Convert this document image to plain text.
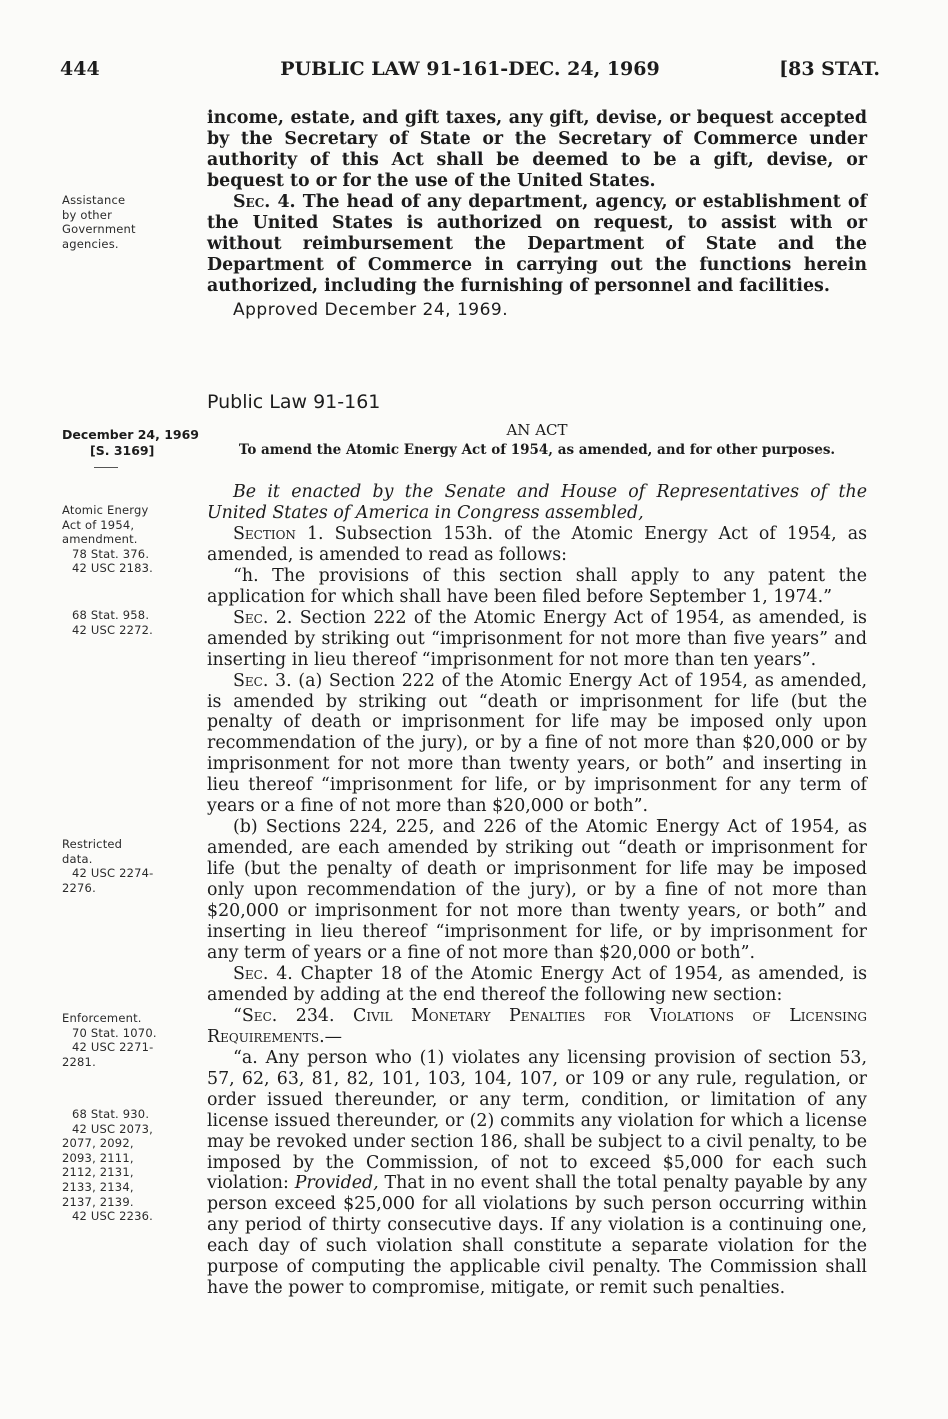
444	PUBLIC LAW 91-161-DEC. 24, 1969	[83 STAT.
Assistance
by other
Government
agencies.
December 24, 1969
[S. 3169]
Atomic Energy
Act of 1954,
amendment.
78 Stat. 376.
42 USC 2183.
68 Stat. 958.
42 USC 2272.
Restricted
data.
42 USC 2274-
2276.
Enforcement.
70 Stat. 1070.
42 USC 2271-
2281.
68 Stat. 930.
42 USC 2073,
2077, 2092,
2093, 2111,
2112, 2131,
2133, 2134,
2137, 2139.
42 USC 2236.

income, estate, and gift taxes, any gift, devise, or bequest accepted by the Secretary of State or the Secretary of Commerce under authority of this Act shall be deemed to be a gift, devise, or bequest to or for the use of the United States.

Sec. 4. The head of any department, agency, or establishment of the United States is authorized on request, to assist with or without reimbursement the Department of State and the Department of Commerce in carrying out the functions herein authorized, including the furnishing of personnel and facilities.

Approved December 24, 1969.
Public Law 91-161
AN ACT
To amend the Atomic Energy Act of 1954, as amended, and for other purposes.

Be it enacted by the Senate and House of Representatives of the United States of America in Congress assembled,

Section 1. Subsection 153h. of the Atomic Energy Act of 1954, as amended, is amended to read as follows:

“h. The provisions of this section shall apply to any patent the application for which shall have been filed before September 1, 1974.”

Sec. 2. Section 222 of the Atomic Energy Act of 1954, as amended, is amended by striking out “imprisonment for not more than five years” and inserting in lieu thereof “imprisonment for not more than ten years”.

Sec. 3. (a) Section 222 of the Atomic Energy Act of 1954, as amended, is amended by striking out “death or imprisonment for life (but the penalty of death or imprisonment for life may be imposed only upon recommendation of the jury), or by a fine of not more than $20,000 or by imprisonment for not more than twenty years, or both” and inserting in lieu thereof “imprisonment for life, or by imprisonment for any term of years or a fine of not more than $20,000 or both”.

(b) Sections 224, 225, and 226 of the Atomic Energy Act of 1954, as amended, are each amended by striking out “death or imprisonment for life (but the penalty of death or imprisonment for life may be imposed only upon recommendation of the jury), or by a fine of not more than $20,000 or imprisonment for not more than twenty years, or both” and inserting in lieu thereof “imprisonment for life, or by imprisonment for any term of years or a fine of not more than $20,000 or both”.

Sec. 4. Chapter 18 of the Atomic Energy Act of 1954, as amended, is amended by adding at the end thereof the following new section:

“Sec. 234. Civil Monetary Penalties for Violations of Licensing Requirements.—

“a. Any person who (1) violates any licensing provision of section 53, 57, 62, 63, 81, 82, 101, 103, 104, 107, or 109 or any rule, regulation, or order issued thereunder, or any term, condition, or limitation of any license issued thereunder, or (2) commits any violation for which a license may be revoked under section 186, shall be subject to a civil penalty, to be imposed by the Commission, of not to exceed $5,000 for each such violation: Provided, That in no event shall the total penalty payable by any person exceed $25,000 for all violations by such person occurring within any period of thirty consecutive days. If any violation is a continuing one, each day of such violation shall constitute a separate violation for the purpose of computing the applicable civil penalty. The Commission shall have the power to compromise, mitigate, or remit such penalties.
